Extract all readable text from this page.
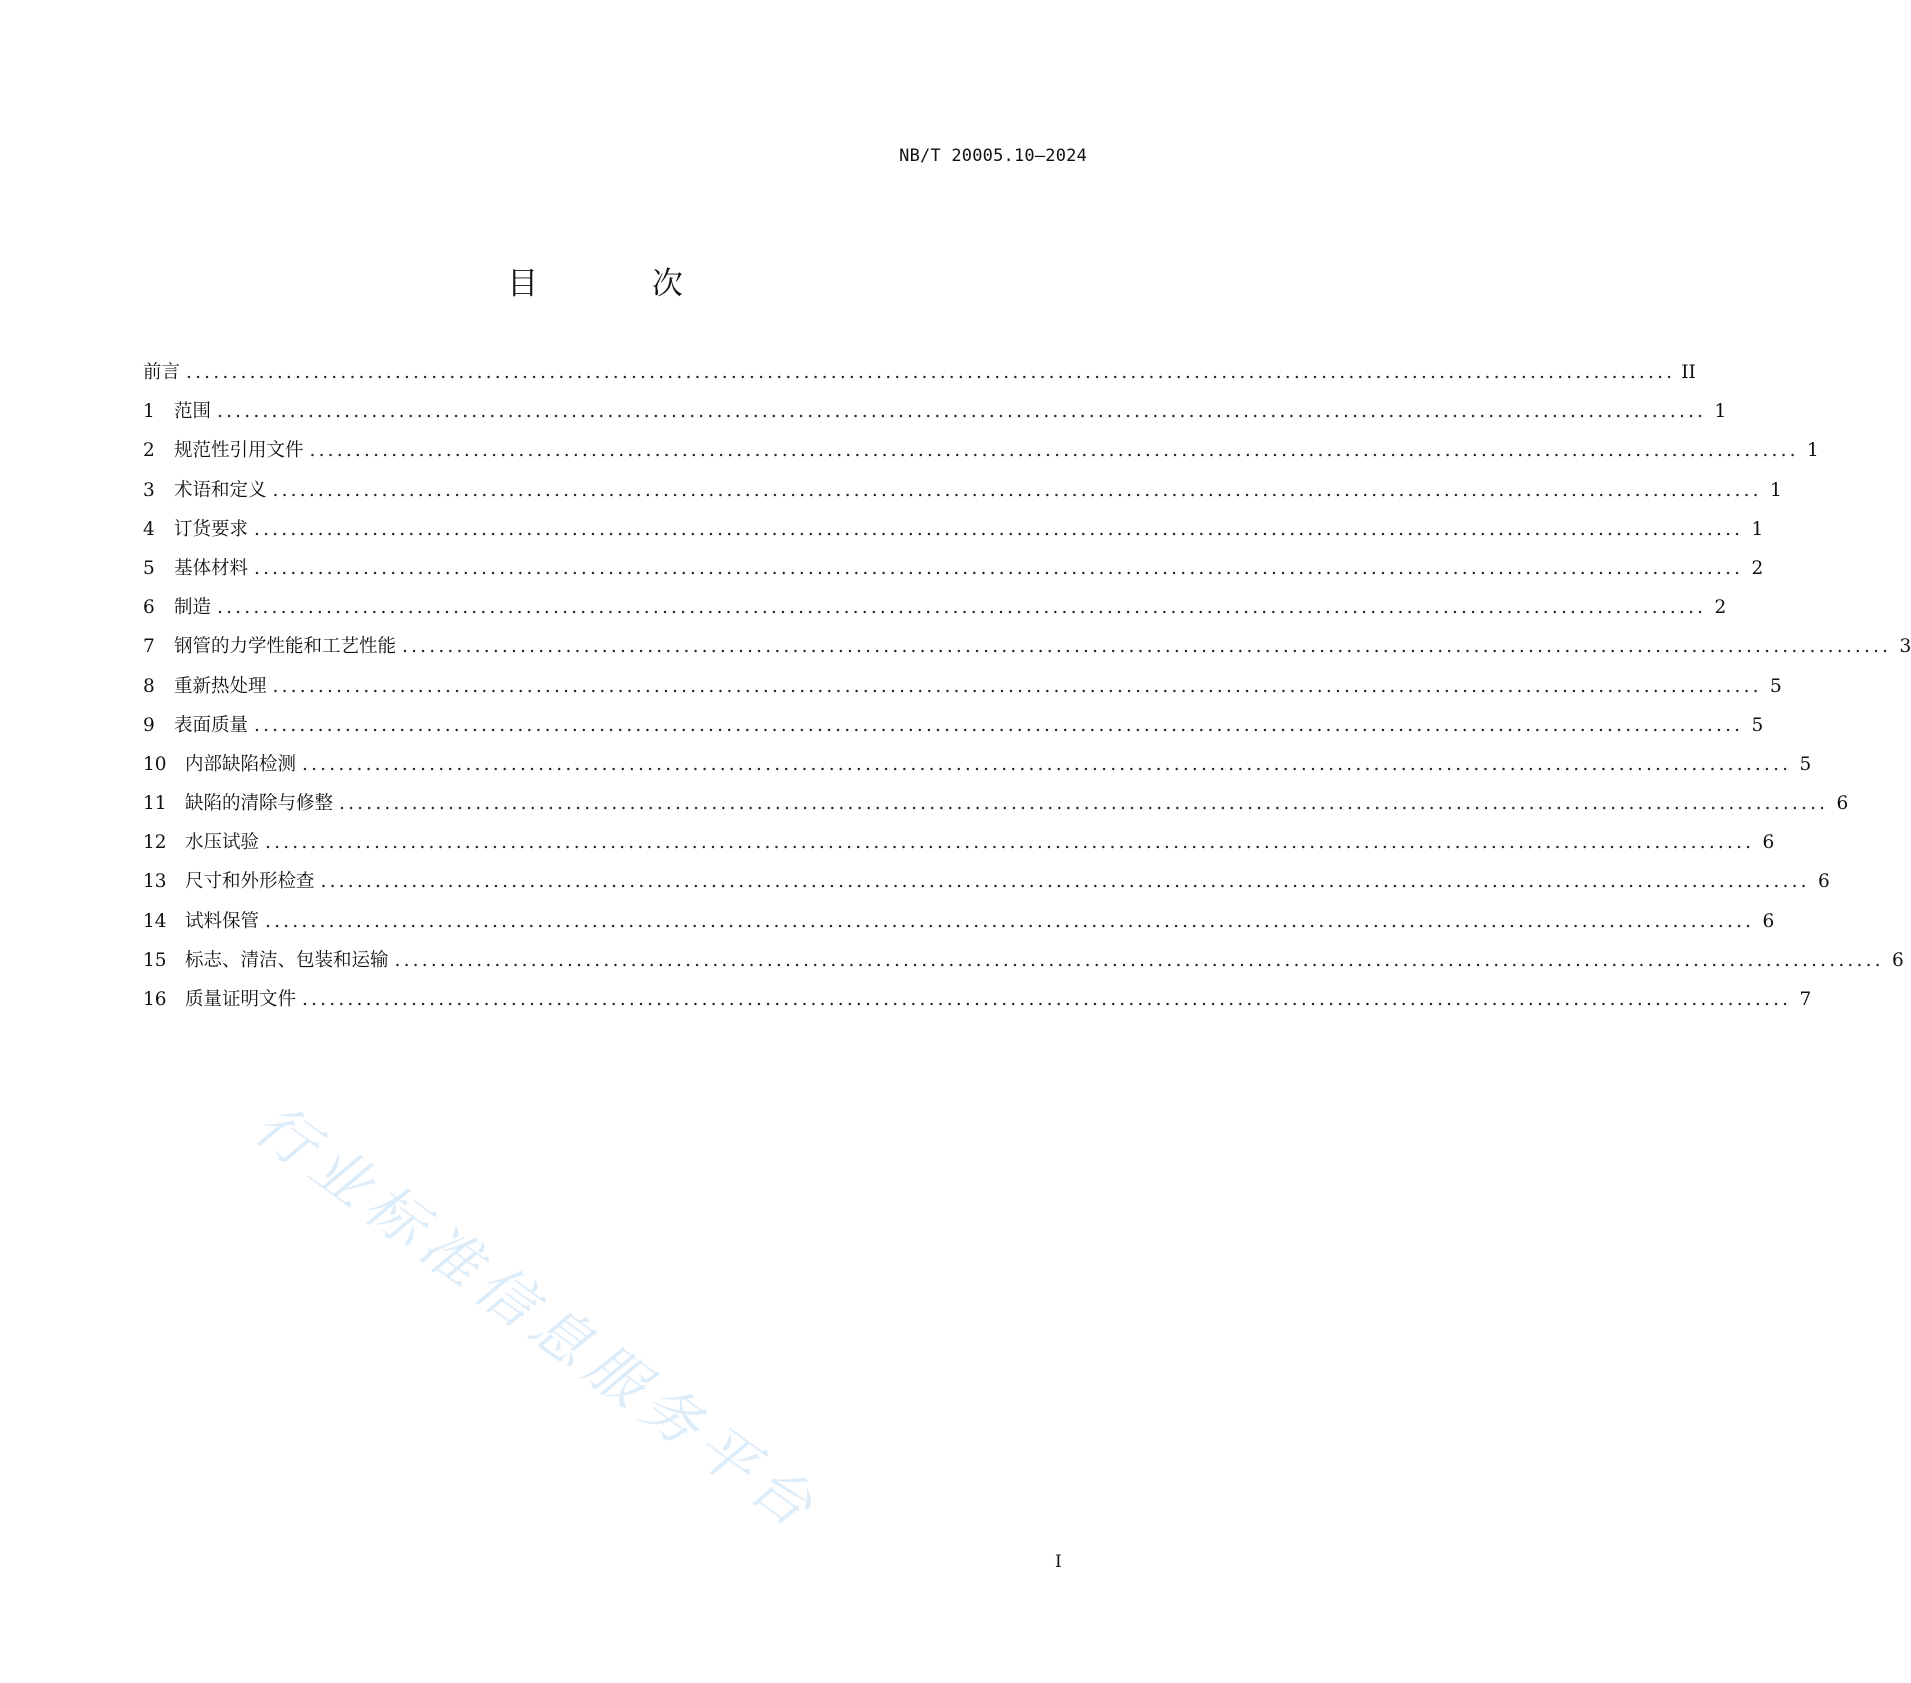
NB/T 20005.10—2024
目 次
前言 .................................................................................................................................................................... II
1	范围 .................................................................................................................................................................... 1
2	规范性引用文件 .................................................................................................................................................................... 1
3	术语和定义 .................................................................................................................................................................... 1
4	订货要求 .................................................................................................................................................................... 1
5	基体材料 .................................................................................................................................................................... 2
6	制造 .................................................................................................................................................................... 2
7	钢管的力学性能和工艺性能 .................................................................................................................................................................... 3
8	重新热处理 .................................................................................................................................................................... 5
9	表面质量 .................................................................................................................................................................... 5
10 内部缺陷检测 .................................................................................................................................................................... 5
11 缺陷的清除与修整 .................................................................................................................................................................... 6
12 水压试验 .................................................................................................................................................................... 6
13 尺寸和外形检查 .................................................................................................................................................................... 6
14 试料保管 .................................................................................................................................................................... 6
15 标志、清洁、包装和运输 .................................................................................................................................................................... 6
16 质量证明文件 .................................................................................................................................................................... 7
行业标准信息服务平台
I
